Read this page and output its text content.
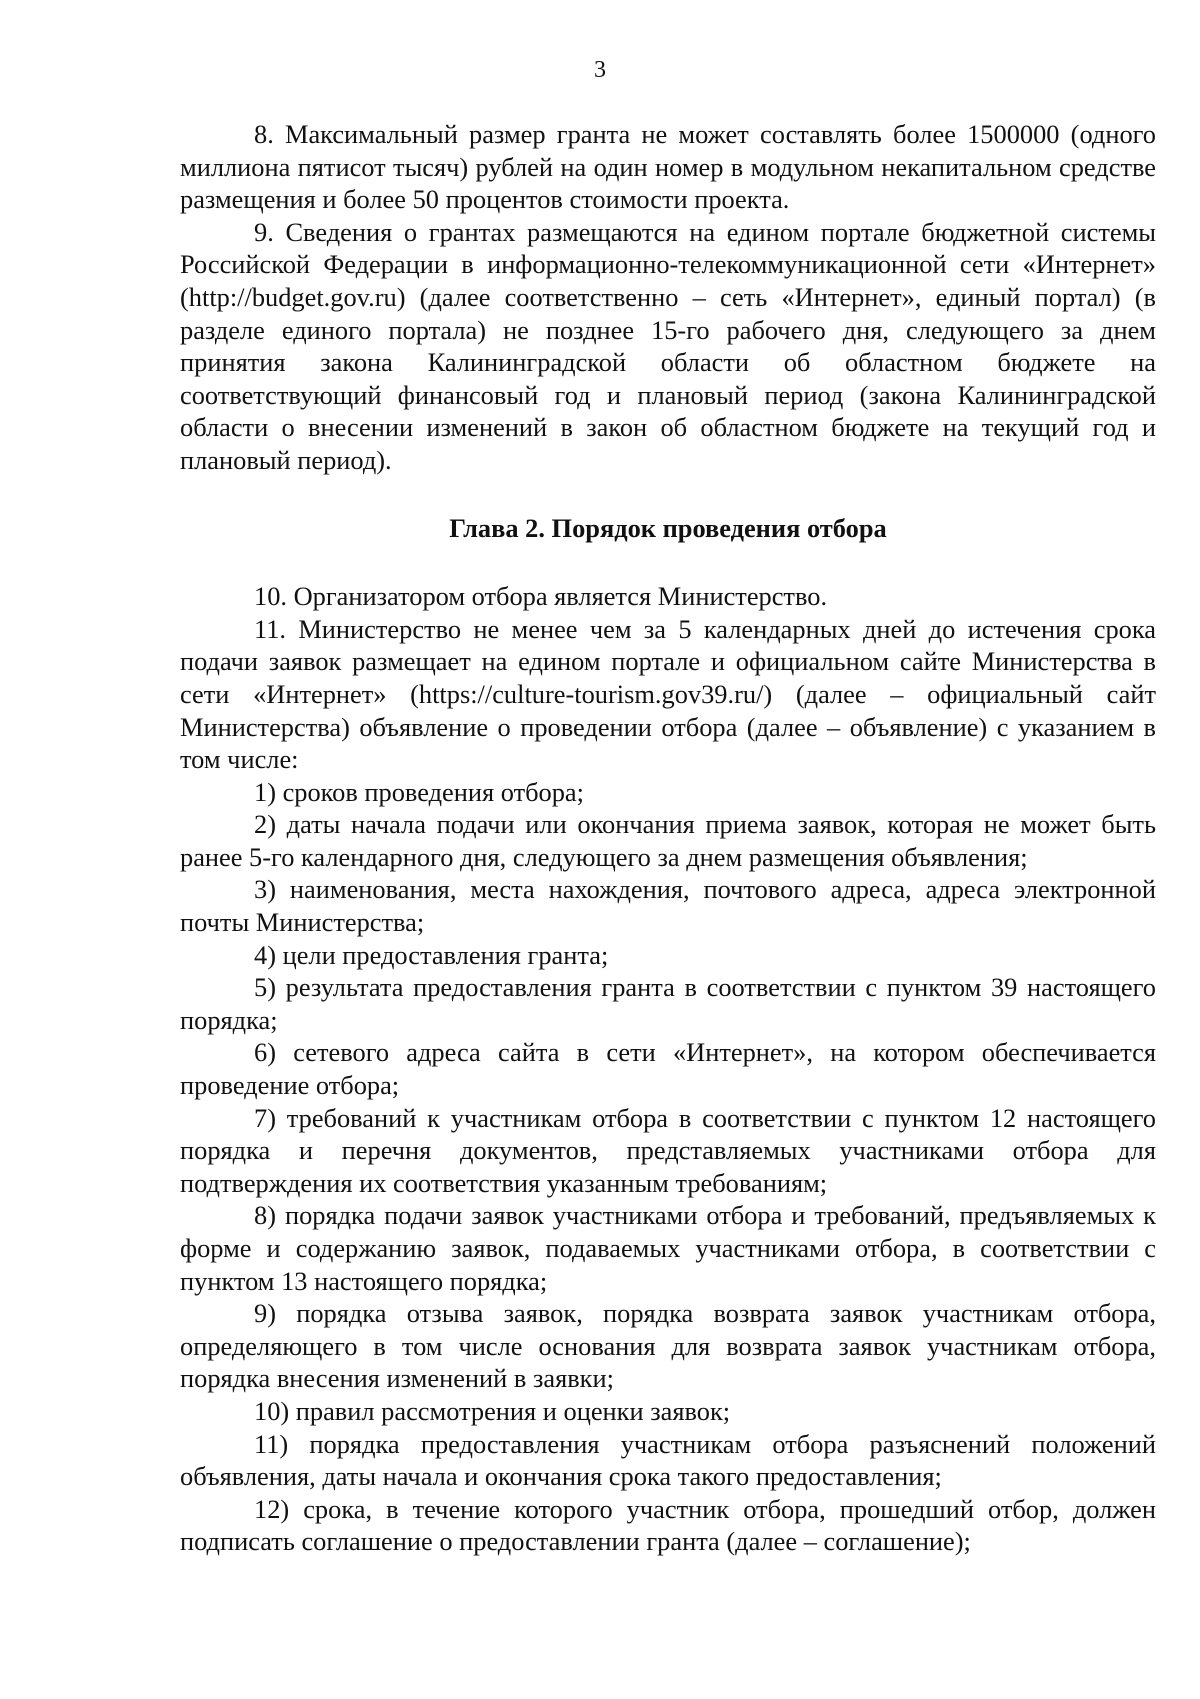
3

8. Максимальный размер гранта не может составлять более 1500000 (одного миллиона пятисот тысяч) рублей на один номер в модульном некапитальном средстве размещения и более 50 процентов стоимости проекта.

9. Сведения о грантах размещаются на едином портале бюджетной системы Российской Федерации в информационно-телекоммуникационной сети «Интернет» (http://budget.gov.ru) (далее соответственно – сеть «Интернет», единый портал) (в разделе единого портала) не позднее 15-го рабочего дня, следующего за днем принятия закона Калининградской области об областном бюджете на соответствующий финансовый год и плановый период (закона Калининградской области о внесении изменений в закон об областном бюджете на текущий год и плановый период).

Глава 2. Порядок проведения отбора

10. Организатором отбора является Министерство.

11. Министерство не менее чем за 5 календарных дней до истечения срока подачи заявок размещает на едином портале и официальном сайте Министерства в сети «Интернет» (https://culture-tourism.gov39.ru/) (далее – официальный сайт Министерства) объявление о проведении отбора (далее – объявление) с указанием в том числе:

1) сроков проведения отбора;

2) даты начала подачи или окончания приема заявок, которая не может быть ранее 5-го календарного дня, следующего за днем размещения объявления;

3) наименования, места нахождения, почтового адреса, адреса электронной почты Министерства;

4) цели предоставления гранта;

5) результата предоставления гранта в соответствии с пунктом 39 настоящего порядка;

6) сетевого адреса сайта в сети «Интернет», на котором обеспечивается проведение отбора;

7) требований к участникам отбора в соответствии с пунктом 12 настоящего порядка и перечня документов, представляемых участниками отбора для подтверждения их соответствия указанным требованиям;

8) порядка подачи заявок участниками отбора и требований, предъявляемых к форме и содержанию заявок, подаваемых участниками отбора, в соответствии с пунктом 13 настоящего порядка;

9) порядка отзыва заявок, порядка возврата заявок участникам отбора, определяющего в том числе основания для возврата заявок участникам отбора, порядка внесения изменений в заявки;

10) правил рассмотрения и оценки заявок;

11) порядка предоставления участникам отбора разъяснений положений объявления, даты начала и окончания срока такого предоставления;

12) срока, в течение которого участник отбора, прошедший отбор, должен подписать соглашение о предоставлении гранта (далее – соглашение);
